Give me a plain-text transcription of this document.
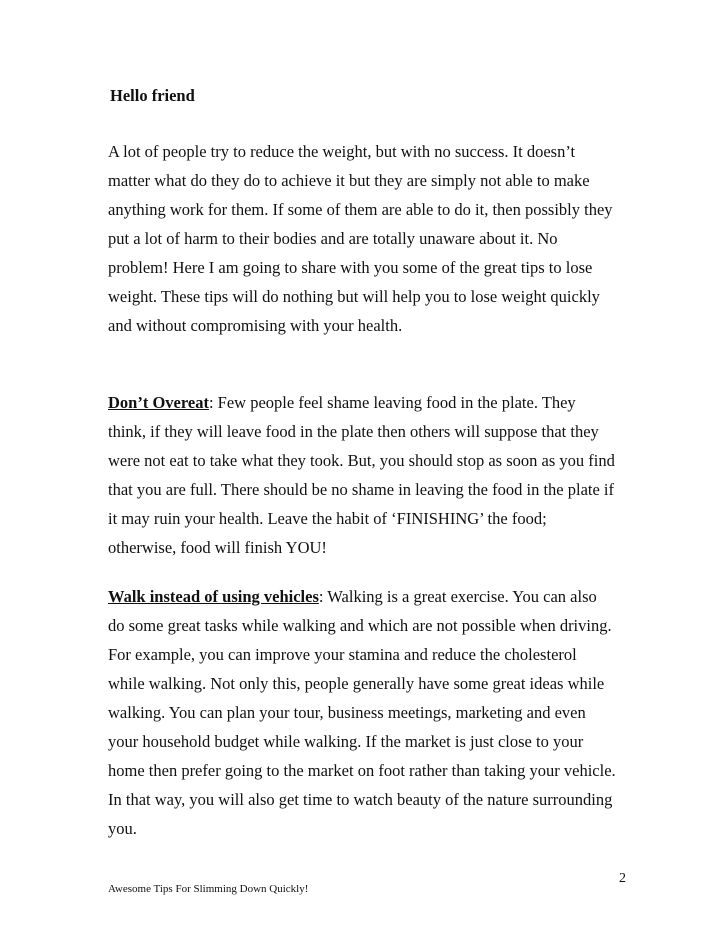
Hello friend

A lot of people try to reduce the weight, but with no success. It doesn’t
matter what do they do to achieve it but they are simply not able to make
anything work for them. If some of them are able to do it, then possibly they
put a lot of harm to their bodies and are totally unaware about it. No
problem! Here I am going to share with you some of the great tips to lose
weight. These tips will do nothing but will help you to lose weight quickly
and without compromising with your health.

Don’t Overeat: Few people feel shame leaving food in the plate. They
think, if they will leave food in the plate then others will suppose that they
were not eat to take what they took. But, you should stop as soon as you find
that you are full. There should be no shame in leaving the food in the plate if
it may ruin your health. Leave the habit of ‘FINISHING’ the food;
otherwise, food will finish YOU!

Walk instead of using vehicles: Walking is a great exercise. You can also
do some great tasks while walking and which are not possible when driving.
For example, you can improve your stamina and reduce the cholesterol
while walking. Not only this, people generally have some great ideas while
walking. You can plan your tour, business meetings, marketing and even
your household budget while walking. If the market is just close to your
home then prefer going to the market on foot rather than taking your vehicle.
In that way, you will also get time to watch beauty of the nature surrounding
you.

Awesome Tips For Slimming Down Quickly!

2
